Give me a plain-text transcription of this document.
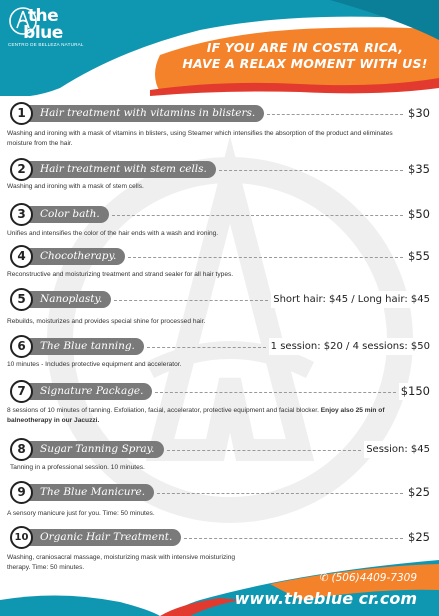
the blue
CENTRO DE BELLEZA NATURAL	IF YOU ARE IN COSTA RICA,
HAVE A RELAX MOMENT WITH US!
1	Hair treatment with vitamins in blisters.	$30
Washing and ironing with a mask of vitamins in blisters, using Steamer which intensifies the absorption of the product and eliminates moisture from the hair.
2	Hair treatment with stem cells.	$35
Washing and ironing with a mask of stem cells.
3	Color bath.	$50
Unifies and intensifies the color of the hair ends with a wash and ironing.
4	Chocotherapy.	$55
Reconstructive and moisturizing treatment and strand sealer for all hair types.
5	Nanoplasty.	Short hair: $45 / Long hair: $45
Rebuilds, moisturizes and provides special shine for processed hair.
6	The Blue tanning.	1 session: $20 / 4 sessions: $50
10 minutes - Includes protective equipment and accelerator.
7	Signature Package.	$150
8 sessions of 10 minutes of tanning. Exfoliation, facial, accelerator, protective equipment and facial blocker. Enjoy also 25 min of balneotherapy in our Jacuzzi.
8	Sugar Tanning Spray.	Session: $45
Tanning in a professional session. 10 minutes.
9	The Blue Manicure.	$25
A sensory manicure just for you. Time: 50 minutes.
10	Organic Hair Treatment.	$25
Washing, craniosacral massage, moisturizing mask with intensive moisturizing therapy. Time: 50 minutes.
✆ (506)4409-7309
www.theblue cr.com
